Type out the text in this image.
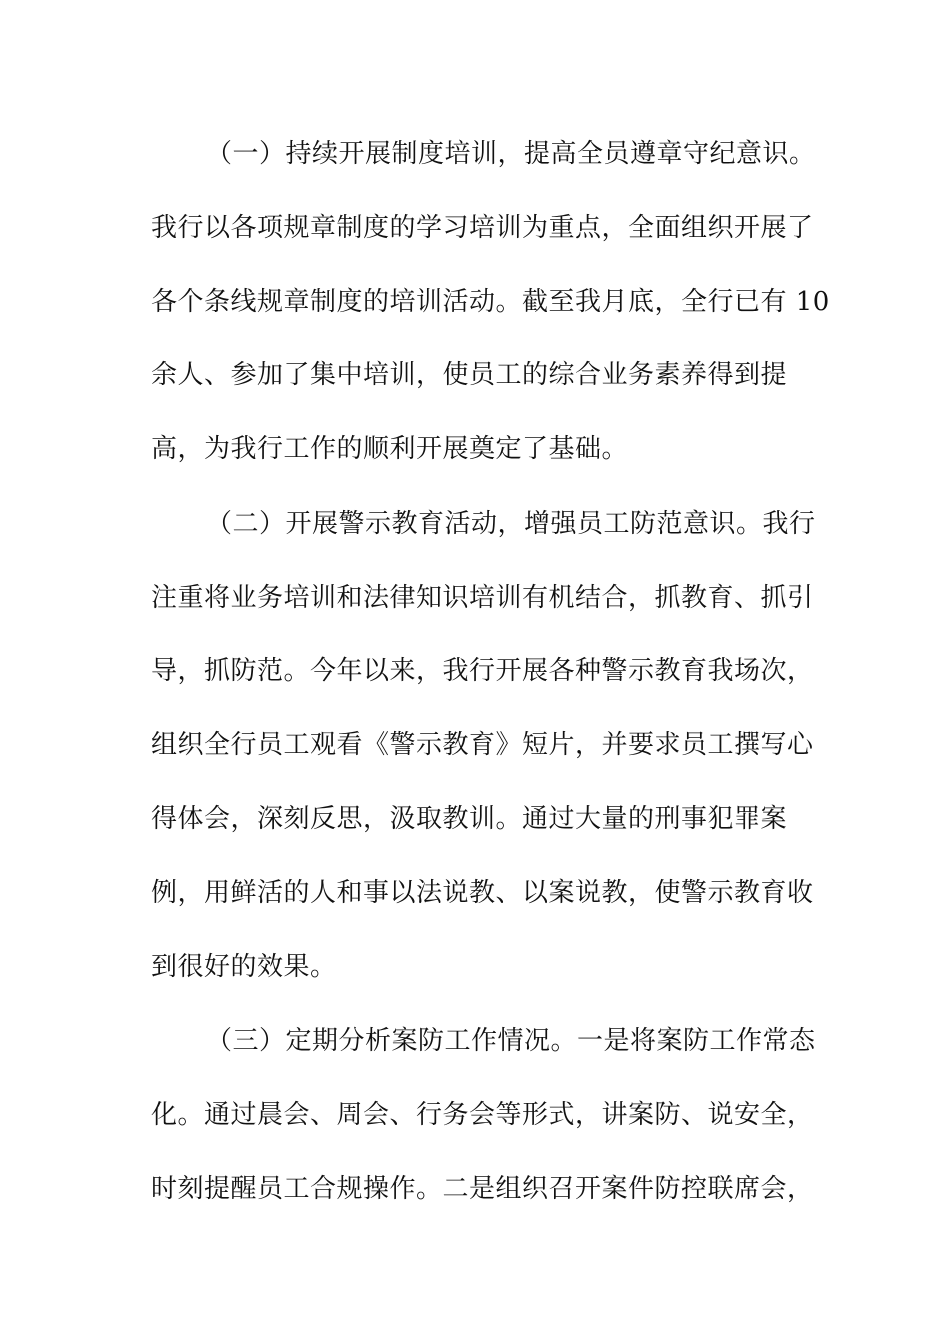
（一）持续开展制度培训，提高全员遵章守纪意识。
我行以各项规章制度的学习培训为重点，全面组织开展了
各个条线规章制度的培训活动。截至我月底，全行已有 10
余人、参加了集中培训，使员工的综合业务素养得到提
高，为我行工作的顺利开展奠定了基础。
（二）开展警示教育活动，增强员工防范意识。我行
注重将业务培训和法律知识培训有机结合，抓教育、抓引
导，抓防范。今年以来，我行开展各种警示教育我场次，
组织全行员工观看《警示教育》短片，并要求员工撰写心
得体会，深刻反思，汲取教训。通过大量的刑事犯罪案
例，用鲜活的人和事以法说教、以案说教，使警示教育收
到很好的效果。
（三）定期分析案防工作情况。一是将案防工作常态
化。通过晨会、周会、行务会等形式，讲案防、说安全，
时刻提醒员工合规操作。二是组织召开案件防控联席会，
